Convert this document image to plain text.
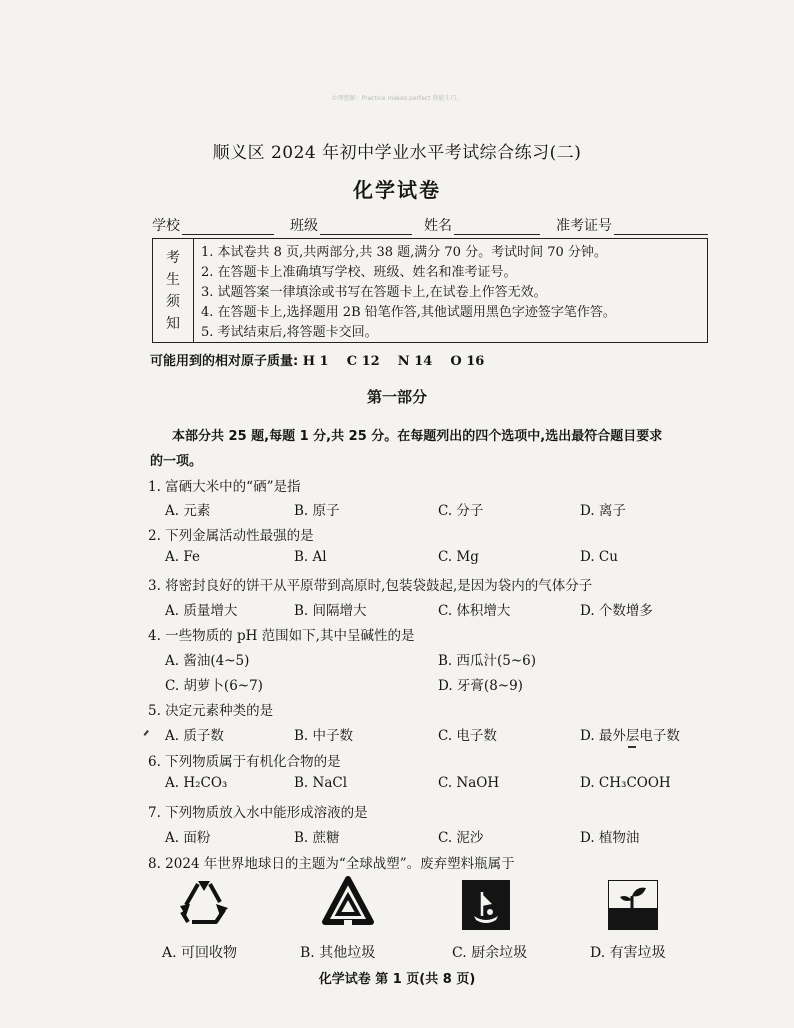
©理想解：Practice makes perfect 熟能生巧。
顺义区 2024 年初中学业水平考试综合练习(二)
化学试卷
学校	班级	姓名	准考证号
考
生
须
知
1. 本试卷共 8 页,共两部分,共 38 题,满分 70 分。考试时间 70 分钟。
2. 在答题卡上准确填写学校、班级、姓名和准考证号。
3. 试题答案一律填涂或书写在答题卡上,在试卷上作答无效。
4. 在答题卡上,选择题用 2B 铅笔作答,其他试题用黑色字迹签字笔作答。
5. 考试结束后,将答题卡交回。
可能用到的相对原子质量: H 1 C 12 N 14 O 16
第一部分
本部分共 25 题,每题 1 分,共 25 分。在每题列出的四个选项中,选出最符合题目要求
的一项。
1. 富硒大米中的“硒”是指
A. 元素	B. 原子	C. 分子	D. 离子
2. 下列金属活动性最强的是
A. Fe	B. Al	C. Mg	D. Cu
3. 将密封良好的饼干从平原带到高原时,包装袋鼓起,是因为袋内的气体分子
A. 质量增大	B. 间隔增大	C. 体积增大	D. 个数增多
4. 一些物质的 pH 范围如下,其中呈碱性的是
A. 酱油(4~5)	B. 西瓜汁(5~6)
C. 胡萝卜(6~7)	D. 牙膏(8~9)
5. 决定元素种类的是
A. 质子数	B. 中子数	C. 电子数	D. 最外层电子数
6. 下列物质属于有机化合物的是
A. H₂CO₃	B. NaCl	C. NaOH	D. CH₃COOH
7. 下列物质放入水中能形成溶液的是
A. 面粉	B. 蔗糖	C. 泥沙	D. 植物油
8. 2024 年世界地球日的主题为“全球战塑”。废弃塑料瓶属于
A. 可回收物	B. 其他垃圾	C. 厨余垃圾	D. 有害垃圾
化学试卷 第 1 页(共 8 页)
